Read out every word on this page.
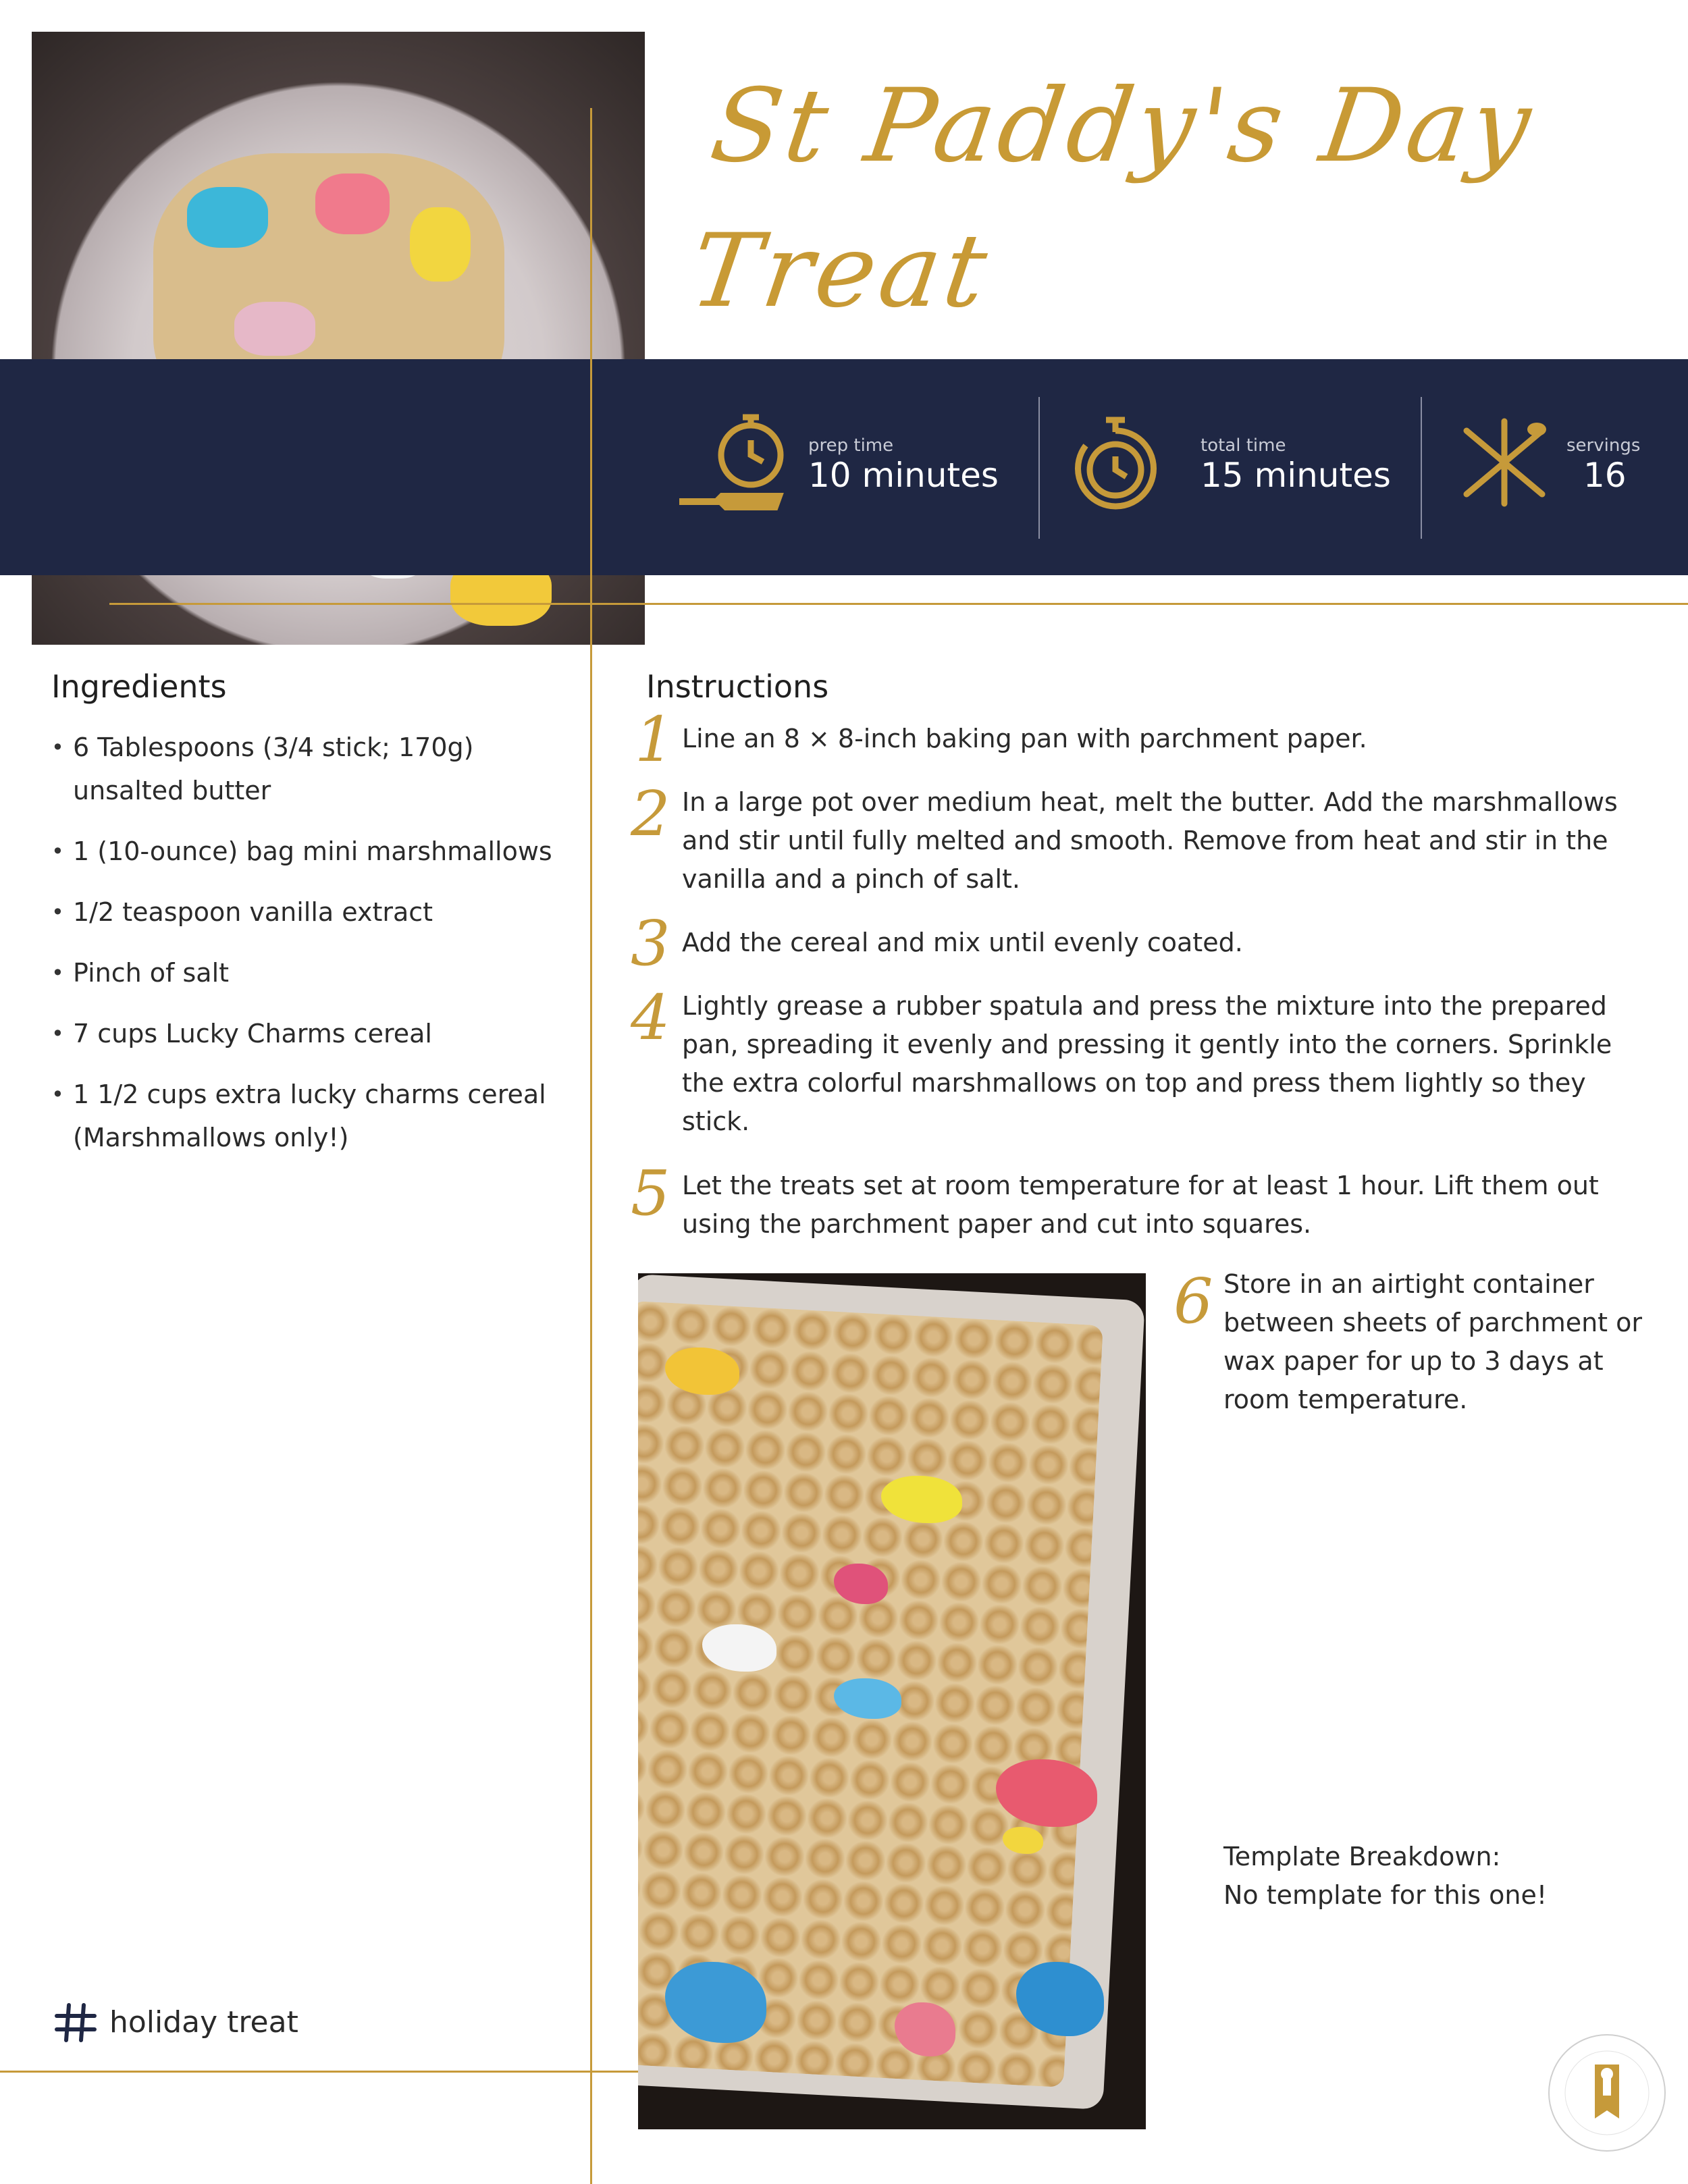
St Paddy's Day
Treat
prep time
10 minutes
total time
15 minutes
servings
16
Ingredients
• 6 Tablespoons (3/4 stick; 170g) unsalted butter
• 1 (10-ounce) bag mini marshmallows
• 1/2 teaspoon vanilla extract
• Pinch of salt
• 7 cups Lucky Charms cereal
• 1 1/2 cups extra lucky charms cereal (Marshmallows only!)
Instructions
1 Line an 8 × 8-inch baking pan with parchment paper.
2 In a large pot over medium heat, melt the butter. Add the marshmallows and stir until fully melted and smooth. Remove from heat and stir in the vanilla and a pinch of salt.
3 Add the cereal and mix until evenly coated.
4 Lightly grease a rubber spatula and press the mixture into the prepared pan, spreading it evenly and pressing it gently into the corners. Sprinkle the extra colorful marshmallows on top and press them lightly so they stick.
5 Let the treats set at room temperature for at least 1 hour. Lift them out using the parchment paper and cut into squares.
6 Store in an airtight container between sheets of parchment or wax paper for up to 3 days at room temperature.
Template Breakdown:
No template for this one!
holiday treat
